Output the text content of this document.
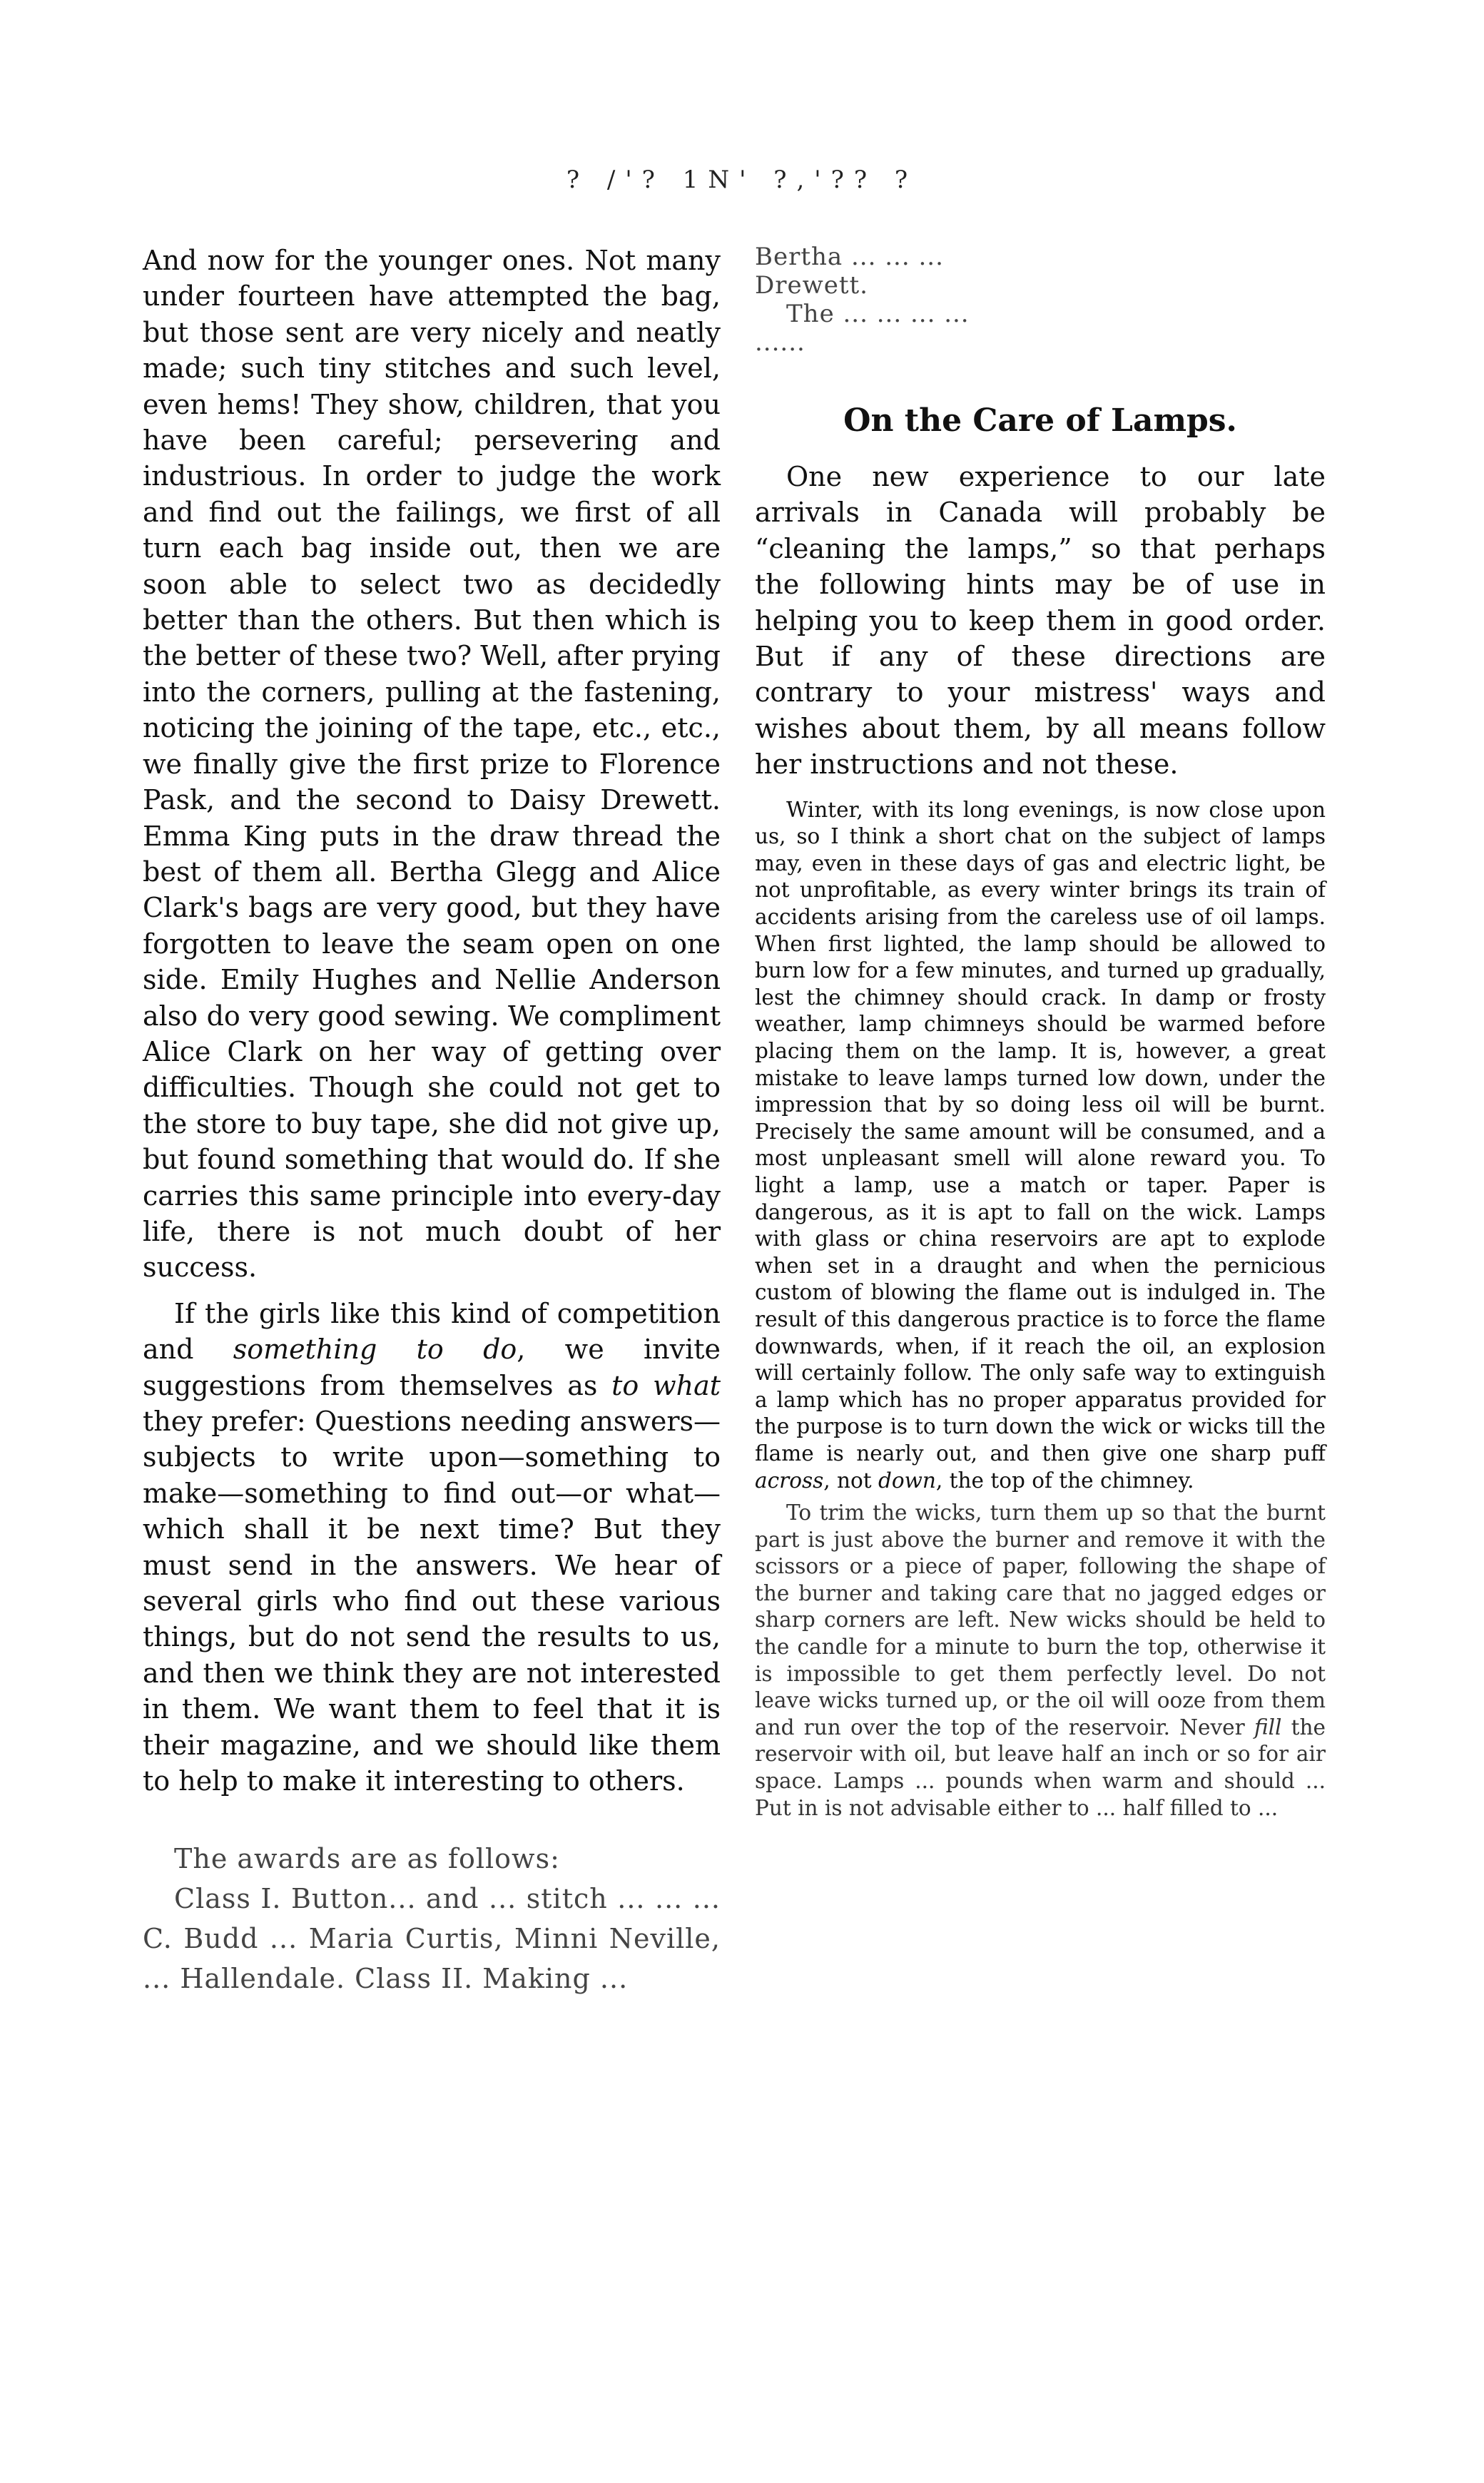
? /'? 1N' ?,'?? ?

And now for the younger ones. Not many under fourteen have attempted the bag, but those sent are very nicely and neatly made; such tiny stitches and such level, even hems! They show, children, that you have been careful; persevering and industrious. In order to judge the work and find out the failings, we first of all turn each bag inside out, then we are soon able to select two as decidedly better than the others. But then which is the better of these two? Well, after prying into the corners, pulling at the fastening, noticing the joining of the tape, etc., etc., we finally give the first prize to Florence Pask, and the second to Daisy Drewett. Emma King puts in the draw thread the best of them all. Bertha Glegg and Alice Clark's bags are very good, but they have forgotten to leave the seam open on one side. Emily Hughes and Nellie Anderson also do very good sewing. We compliment Alice Clark on her way of getting over difficulties. Though she could not get to the store to buy tape, she did not give up, but found something that would do. If she carries this same principle into every-day life, there is not much doubt of her success.

If the girls like this kind of competition and something to do, we invite suggestions from themselves as to what they prefer: Questions needing answers—subjects to write upon—something to make—something to find out—or what—which shall it be next time? But they must send in the answers. We hear of several girls who find out these various things, but do not send the results to us, and then we think they are not interested in them. We want them to feel that it is their magazine, and we should like them to help to make it interesting to others.

The awards are as follows:

Class I. Button... and ... stitch ... ... ... C. Budd ... Maria Curtis, Minni Neville, ... Hallendale. Class II. Making ...

Bertha ... ... ...

Drewett.

The ... ... ... ...

......

On the Care of Lamps.

One new experience to our late arrivals in Canada will probably be “cleaning the lamps,” so that perhaps the following hints may be of use in helping you to keep them in good order. But if any of these directions are contrary to your mistress' ways and wishes about them, by all means follow her instructions and not these.

Winter, with its long evenings, is now close upon us, so I think a short chat on the subject of lamps may, even in these days of gas and electric light, be not unprofitable, as every winter brings its train of accidents arising from the careless use of oil lamps. When first lighted, the lamp should be allowed to burn low for a few minutes, and turned up gradually, lest the chimney should crack. In damp or frosty weather, lamp chimneys should be warmed before placing them on the lamp. It is, however, a great mistake to leave lamps turned low down, under the impression that by so doing less oil will be burnt. Precisely the same amount will be consumed, and a most unpleasant smell will alone reward you. To light a lamp, use a match or taper. Paper is dangerous, as it is apt to fall on the wick. Lamps with glass or china reservoirs are apt to explode when set in a draught and when the pernicious custom of blowing the flame out is indulged in. The result of this dangerous practice is to force the flame downwards, when, if it reach the oil, an explosion will certainly follow. The only safe way to extinguish a lamp which has no proper apparatus provided for the purpose is to turn down the wick or wicks till the flame is nearly out, and then give one sharp puff across, not down, the top of the chimney.

To trim the wicks, turn them up so that the burnt part is just above the burner and remove it with the scissors or a piece of paper, following the shape of the burner and taking care that no jagged edges or sharp corners are left. New wicks should be held to the candle for a minute to burn the top, otherwise it is impossible to get them perfectly level. Do not leave wicks turned up, or the oil will ooze from them and run over the top of the reservoir. Never fill the reservoir with oil, but leave half an inch or so for air space. Lamps ... pounds when warm and should ... Put in is not advisable either to ... half filled to ...
